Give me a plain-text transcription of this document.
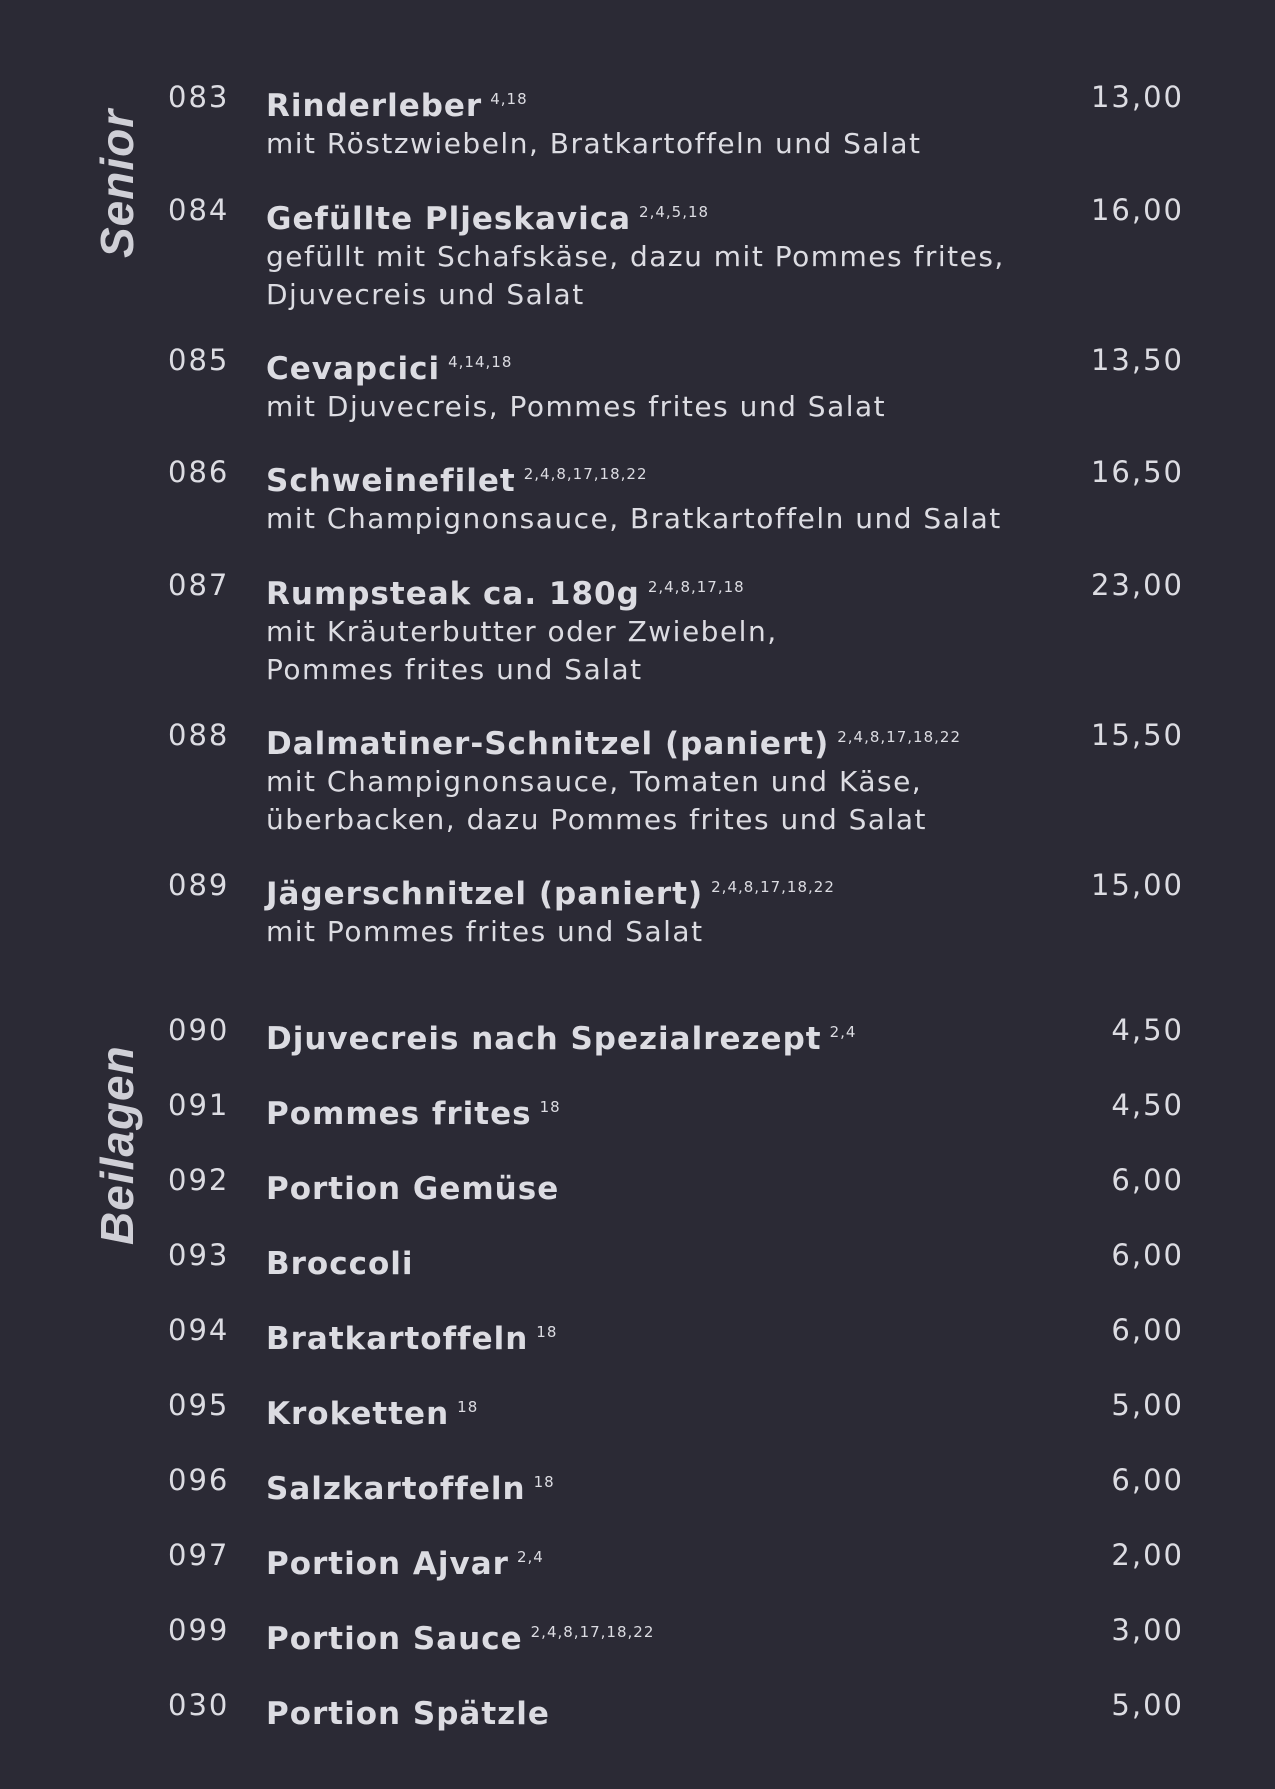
Senior
Beilagen
083 Rinderleber $^{4,18}$
mit Röstzwiebeln, Bratkartoffeln und Salat
13,00
084 Gefüllte Pljeskavica $^{2,4,5,18}$
gefüllt mit Schafskäse, dazu mit Pommes frites,
Djuvecreis und Salat
16,00
085 Cevapcici $^{4,14,18}$
mit Djuvecreis, Pommes frites und Salat
13,50
086 Schweinefilet $^{2,4,8,17,18,22}$
mit Champignonsauce, Bratkartoffeln und Salat
16,50
087 Rumpsteak ca. 180g $^{2,4,8,17,18}$
mit Kräuterbutter oder Zwiebeln,
Pommes frites und Salat
23,00
088 Dalmatiner-Schnitzel (paniert) $^{2,4,8,17,18,22}$
mit Champignonsauce, Tomaten und Käse,
überbacken, dazu Pommes frites und Salat
15,50
089 Jägerschnitzel (paniert) $^{2,4,8,17,18,22}$
mit Pommes frites und Salat
15,00
090 Djuvecreis nach Spezialrezept $^{2,4}$	4,50
091 Pommes frites $^{18}$	4,50
092 Portion Gemüse	6,00
093 Broccoli	6,00
094 Bratkartoffeln $^{18}$	6,00
095 Kroketten $^{18}$	5,00
096 Salzkartoffeln $^{18}$	6,00
097 Portion Ajvar $^{2,4}$	2,00
099 Portion Sauce $^{2,4,8,17,18,22}$	3,00
030 Portion Spätzle	5,00
